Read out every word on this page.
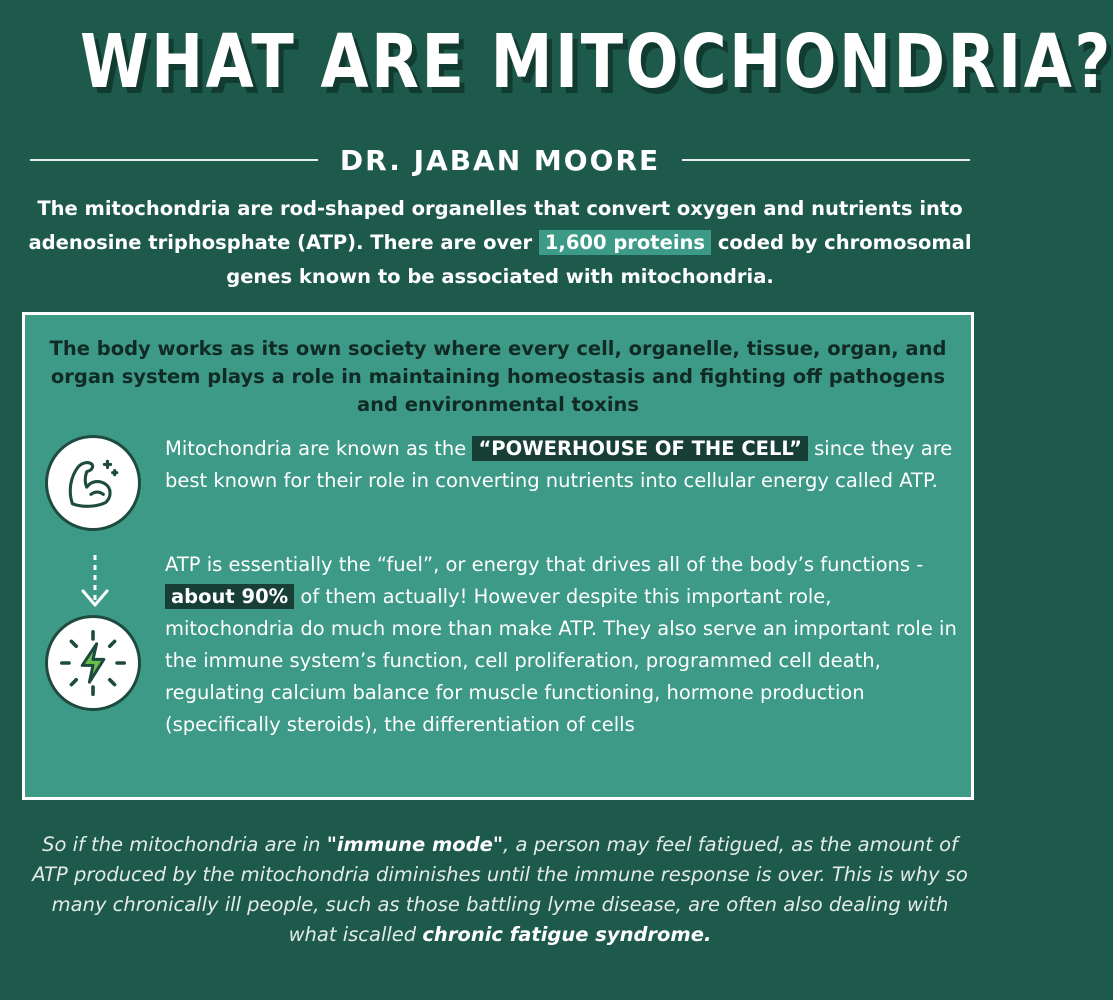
WHAT ARE MITOCHONDRIA?
DR. JABAN MOORE
The mitochondria are rod-shaped organelles that convert oxygen and nutrients into adenosine triphosphate (ATP). There are over 1,600 proteins coded by chromosomal genes known to be associated with mitochondria.
The body works as its own society where every cell, organelle, tissue, organ, and organ system plays a role in maintaining homeostasis and fighting off pathogens and environmental toxins
Mitochondria are known as the “POWERHOUSE OF THE CELL” since they are best known for their role in converting nutrients into cellular energy called ATP.
ATP is essentially the “fuel”, or energy that drives all of the body’s functions - about 90% of them actually! However despite this important role, mitochondria do much more than make ATP. They also serve an important role in the immune system’s function, cell proliferation, programmed cell death, regulating calcium balance for muscle functioning, hormone production (specifically steroids), the differentiation of cells
So if the mitochondria are in "immune mode", a person may feel fatigued, as the amount of ATP produced by the mitochondria diminishes until the immune response is over. This is why so many chronically ill people, such as those battling lyme disease, are often also dealing with what iscalled chronic fatigue syndrome.
